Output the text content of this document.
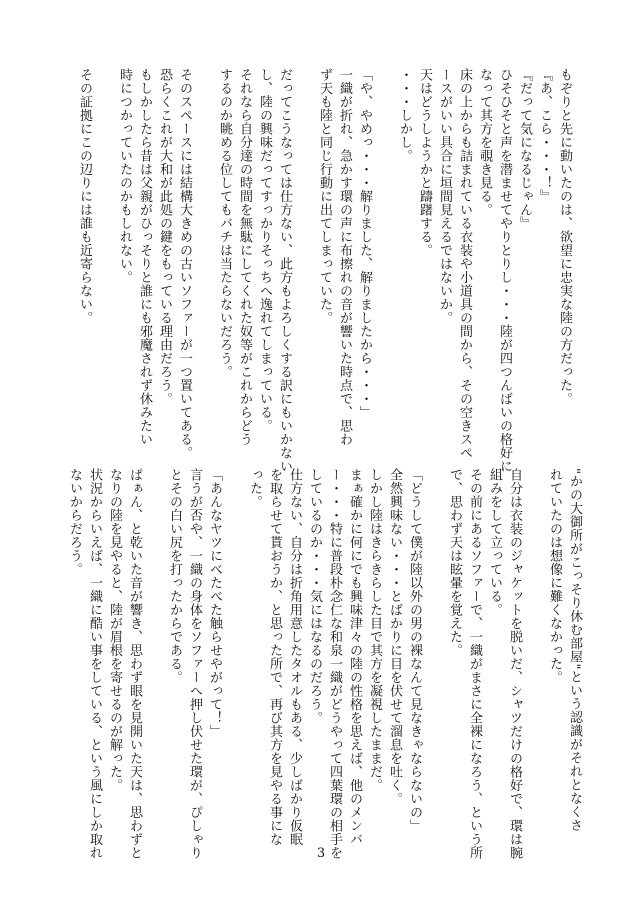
もぞりと先に動いたのは、欲望に忠実な陸の方だった。
『あ、こら・・・！』
『だって気になるじゃん』
ひそひそと声を潜ませてやりとりし・・・陸が四つんばいの格好に
なって其方を覗き見る。
床の上からも詰まれている衣装や小道具の間から、その空きスペ
ースがいい具合に垣間見えるではないか。
天はどうしようかと躊躇する。
・・・しかし。
「や、やめっ・・・解りました、解りましたから・・・」
一織が折れ、急かす環の声に布擦れの音が響いた時点で、思わ
ず天も陸と同じ行動に出てしまっていた。
だってこうなっては仕方ない、此方もよろしくする訳にもいかない
し、陸の興味だってすっかりそっちへ逸れてしまっている。
それなら自分達の時間を無駄にしてくれた奴等がこれからどう
するのか眺める位してもバチは当たらないだろう。
そのスペースには結構大きめの古いソファーが一つ置いてある。
恐らくこれが大和が此処の鍵をもっている理由だろう。
もしかしたら昔は父親がひっそりと誰にも邪魔されず休みたい
時につかっていたのかもしれない。
その証拠にこの辺りには誰も近寄らない。
"かの大御所がこっそり休む部屋"という認識がそれとなくさ
れていたのは想像に難くなかった。
自分は衣装のジャケットを脱いだ、シャツだけの格好で、環は腕
組みをして立っている。
その前にあるソファーで、一織がまさに全裸になろう、という所
で、思わず天は眩暈を覚えた。
「どうして僕が陸以外の男の裸なんて見なきゃならないの」
全然興味ない・・・とばかりに目を伏せて溜息を吐く。
しかし陸はきらきらした目で其方を凝視したままだ。
まぁ確かに何にでも興味津々の陸の性格を思えば、他のメンバ
ー・・・特に普段朴念仁な和泉一織がどうやって四葉環の相手を
しているのか・・・気にはなるのだろう。
仕方ない、自分は折角用意したタオルもある、少しばかり仮眠
を取らせて貰おうか、と思った所で、再び其方を見やる事にな
った。
「あんなヤツにべたべた触らせやがって！」
言うが否や、一織の身体をソファーへ押し伏せた環が、ぴしゃり
とその白い尻を打ったからである。
ぱぁん、と乾いた音が響き、思わず眼を見開いた天は、思わずと
なりの陸を見やると、陸が眉根を寄せるのが解った。
状況からいえば、一織に酷い事をしている、という風にしか取れ
ないからだろう。
3
